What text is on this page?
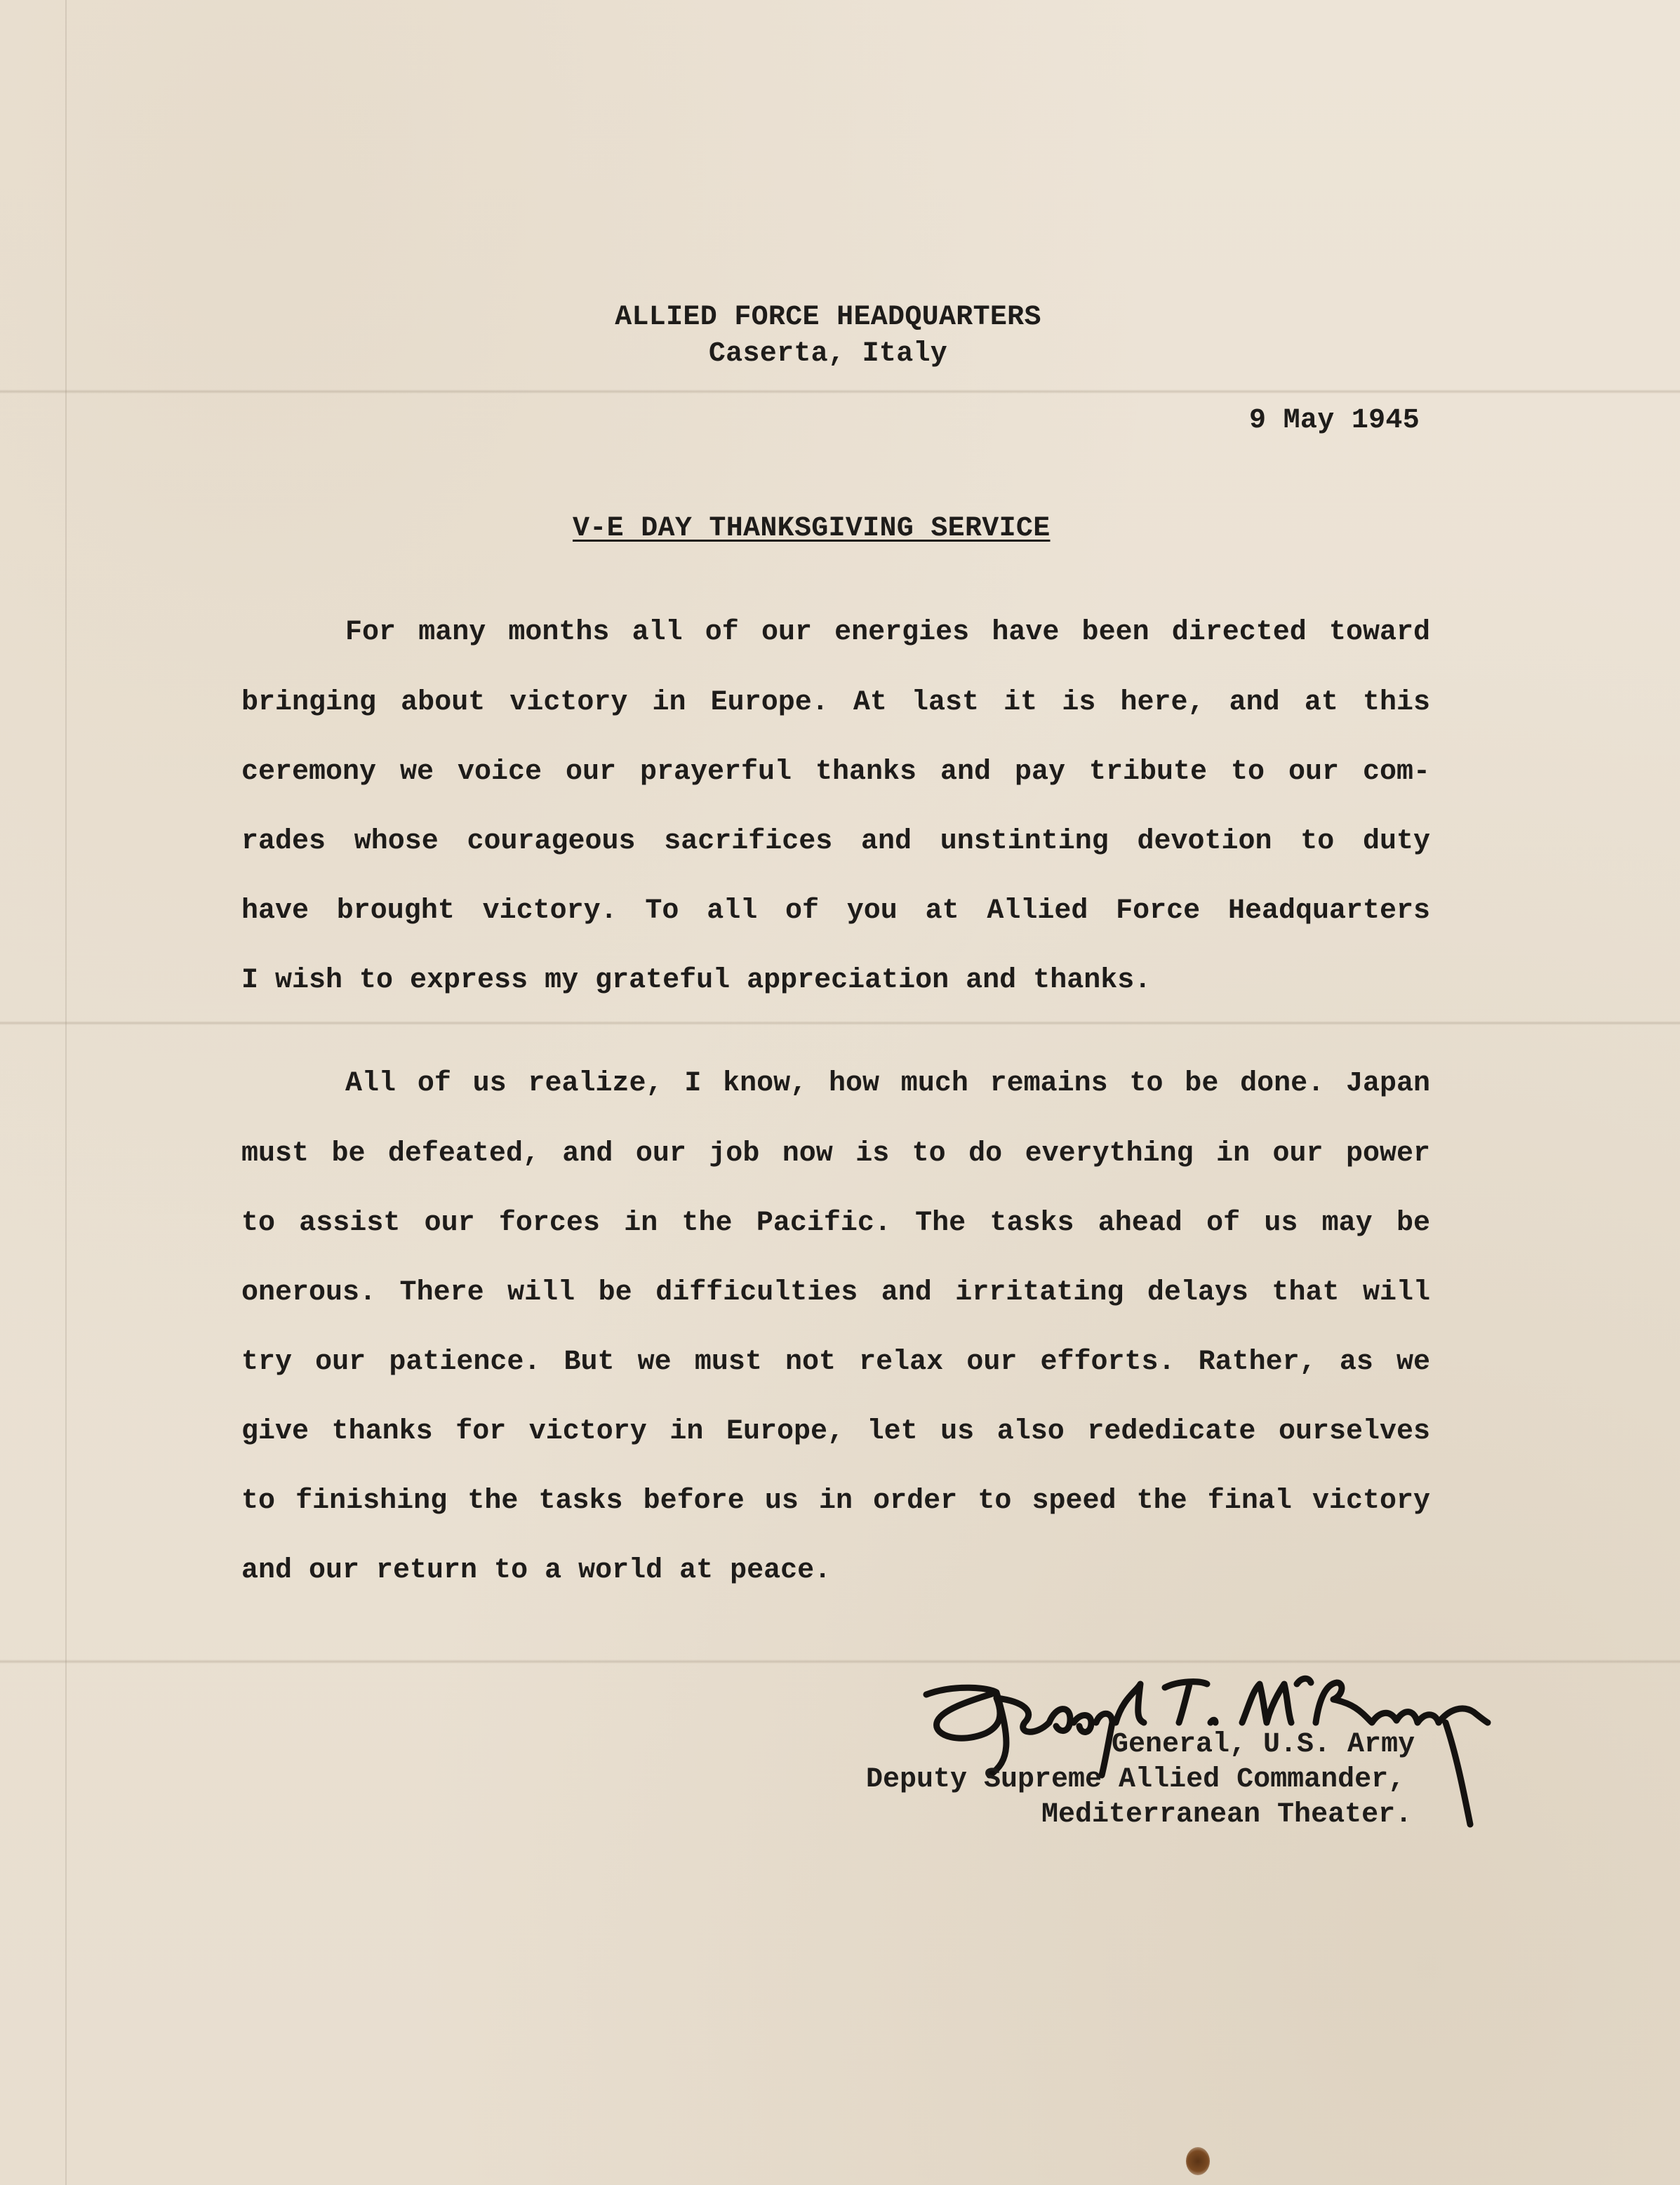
ALLIED FORCE HEADQUARTERS
Caserta, Italy
9 May 1945
V-E DAY THANKSGIVING SERVICE
For many months all of our energies have been directed toward
bringing about victory in Europe. At last it is here, and at this
ceremony we voice our prayerful thanks and pay tribute to our com-
rades whose courageous sacrifices and unstinting devotion to duty
have brought victory. To all of you at Allied Force Headquarters
I wish to express my grateful appreciation and thanks.
All of us realize, I know, how much remains to be done. Japan
must be defeated, and our job now is to do everything in our power
to assist our forces in the Pacific. The tasks ahead of us may be
onerous. There will be difficulties and irritating delays that will
try our patience. But we must not relax our efforts. Rather, as we
give thanks for victory in Europe, let us also rededicate ourselves
to finishing the tasks before us in order to speed the final victory
and our return to a world at peace.
General, U.S. Army
Deputy Supreme Allied Commander,
Mediterranean Theater.
